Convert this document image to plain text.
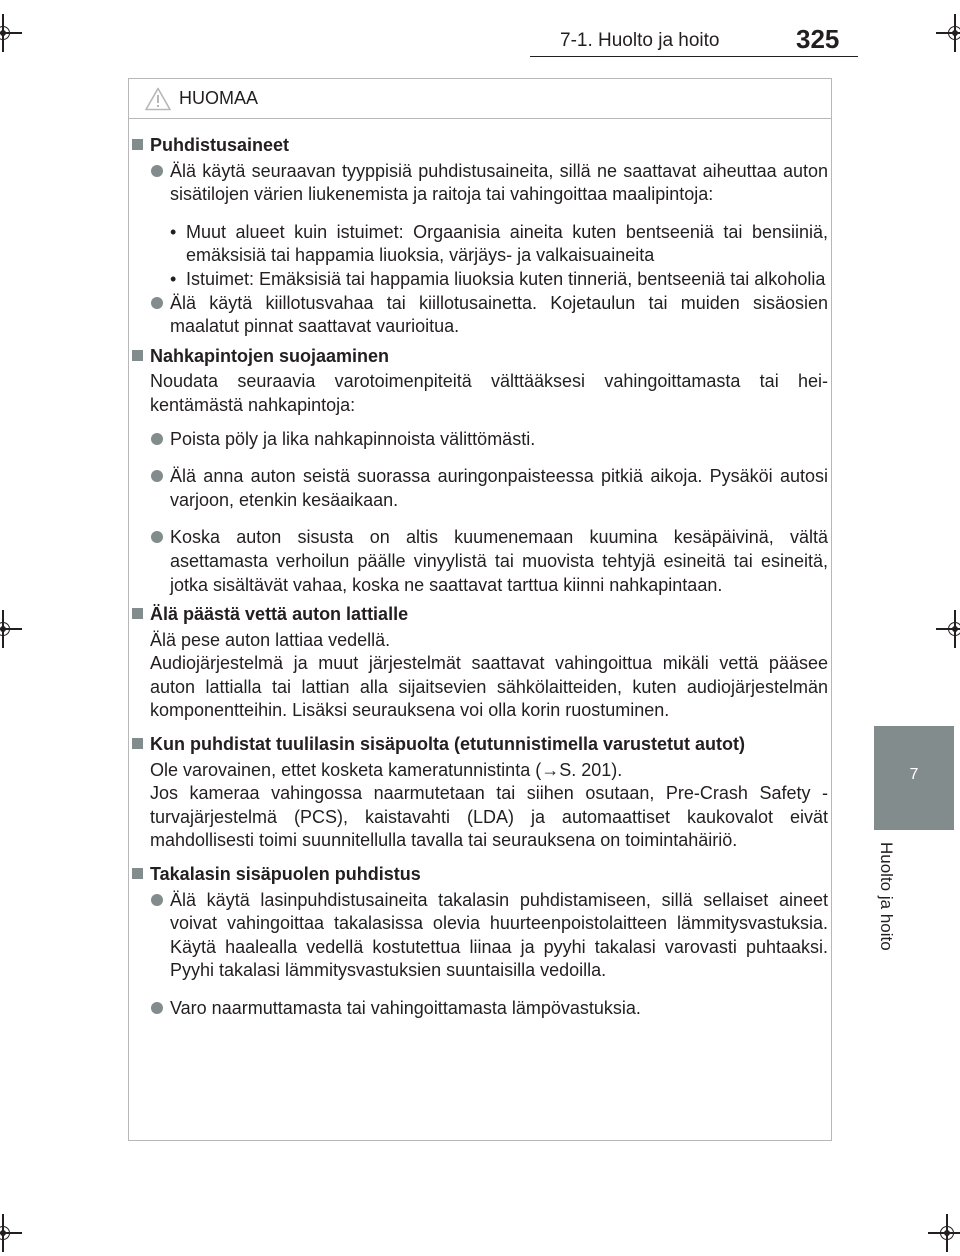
7-1. Huolto ja hoito	325
7
Huolto ja hoito
HUOMAA
Puhdistusaineet
Älä käytä seuraavan tyyppisiä puhdistusaineita, sillä ne saattavat aiheuttaa auton sisätilojen värien liukenemista ja raitoja tai vahingoittaa maalipintoja:
• Muut alueet kuin istuimet: Orgaanisia aineita kuten bentseeniä tai bensiiniä, emäksisiä tai happamia liuoksia, värjäys- ja valkaisuaineita
• Istuimet: Emäksisiä tai happamia liuoksia kuten tinneriä, bentseeniä tai alkoholia
Älä käytä kiillotusvahaa tai kiillotusainetta. Kojetaulun tai muiden sisäosien maalatut pinnat saattavat vaurioitua.
Nahkapintojen suojaaminen
Noudata seuraavia varotoimenpiteitä välttääksesi vahingoittamasta tai heikentämästä nahkapintoja:
Poista pöly ja lika nahkapinnoista välittömästi.
Älä anna auton seistä suorassa auringonpaisteessa pitkiä aikoja. Pysäköi autosi varjoon, etenkin kesäaikaan.
Koska auton sisusta on altis kuumenemaan kuumina kesäpäivinä, vältä asettamasta verhoilun päälle vinyylistä tai muovista tehtyjä esineitä tai esineitä, jotka sisältävät vahaa, koska ne saattavat tarttua kiinni nahkapintaan.
Älä päästä vettä auton lattialle
Älä pese auton lattiaa vedellä.
Audiojärjestelmä ja muut järjestelmät saattavat vahingoittua mikäli vettä pääsee auton lattialla tai lattian alla sijaitsevien sähkölaitteiden, kuten audiojärjestelmän komponentteihin. Lisäksi seurauksena voi olla korin ruostuminen.
Kun puhdistat tuulilasin sisäpuolta (etutunnistimella varustetut autot)
Ole varovainen, ettet kosketa kameratunnistinta (→S. 201).
Jos kameraa vahingossa naarmutetaan tai siihen osutaan, Pre-Crash Safety -turvajärjestelmä (PCS), kaistavahti (LDA) ja automaattiset kaukovalot eivät mahdollisesti toimi suunnitellulla tavalla tai seurauksena on toimintahäiriö.
Takalasin sisäpuolen puhdistus
Älä käytä lasinpuhdistusaineita takalasin puhdistamiseen, sillä sellaiset aineet voivat vahingoittaa takalasissa olevia huurteenpoistolaitteen lämmitysvastuksia. Käytä haalealla vedellä kostutettua liinaa ja pyyhi takalasi varovasti puhtaaksi. Pyyhi takalasi lämmitysvastuksien suuntaisilla vedoilla.
Varo naarmuttamasta tai vahingoittamasta lämpövastuksia.
